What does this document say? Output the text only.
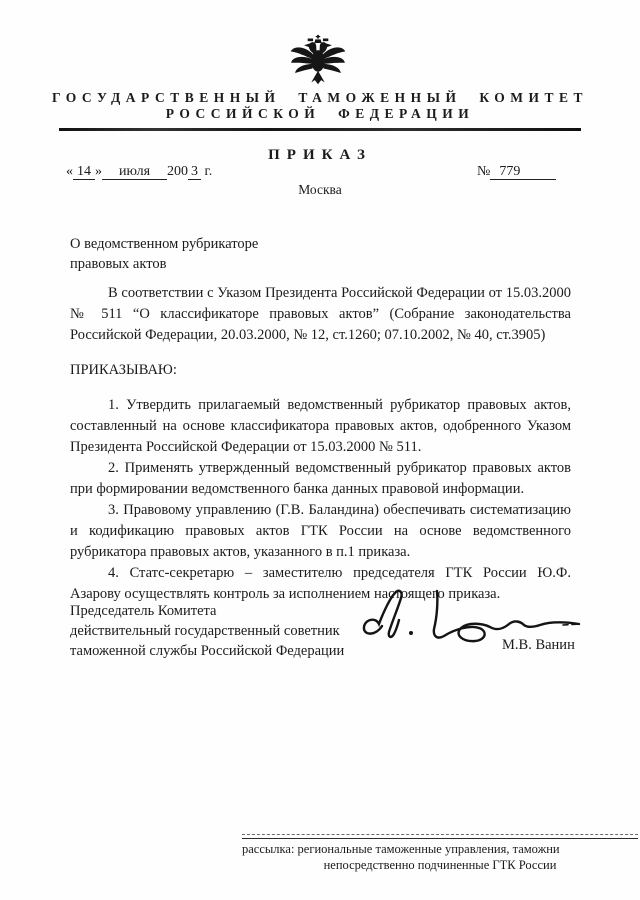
ГОСУДАРСТВЕННЫЙ ТАМОЖЕННЫЙ КОМИТЕТ
РОССИЙСКОЙ ФЕДЕРАЦИИ
ПРИКАЗ
« 14 » июля 200 3 г.	№ 779
Москва
О ведомственном рубрикаторе
правовых актов

В соответствии с Указом Президента Российской Федерации от 15.03.2000 № 511 “О классификаторе правовых актов” (Собрание законодательства Российской Федерации, 20.03.2000, № 12, ст.1260; 07.10.2002, № 40, ст.3905)

ПРИКАЗЫВАЮ:

1. Утвердить прилагаемый ведомственный рубрикатор правовых актов, составленный на основе классификатора правовых актов, одобренного Указом Президента Российской Федерации от 15.03.2000 № 511.

2. Применять утвержденный ведомственный рубрикатор правовых актов при формировании ведомственного банка данных правовой информации.

3. Правовому управлению (Г.В. Баландина) обеспечивать систематизацию и кодификацию правовых актов ГТК России на основе ведомственного рубрикатора правовых актов, указанного в п.1 приказа.

4. Статс-секретарю – заместителю председателя ГТК России Ю.Ф. Азарову осуществлять контроль за исполнением настоящего приказа.

Председатель Комитета
действительный государственный советник
таможенной службы Российской Федерации	М.В. Ванин
рассылка: региональные таможенные управления, таможни
непосредственно подчиненные ГТК России
